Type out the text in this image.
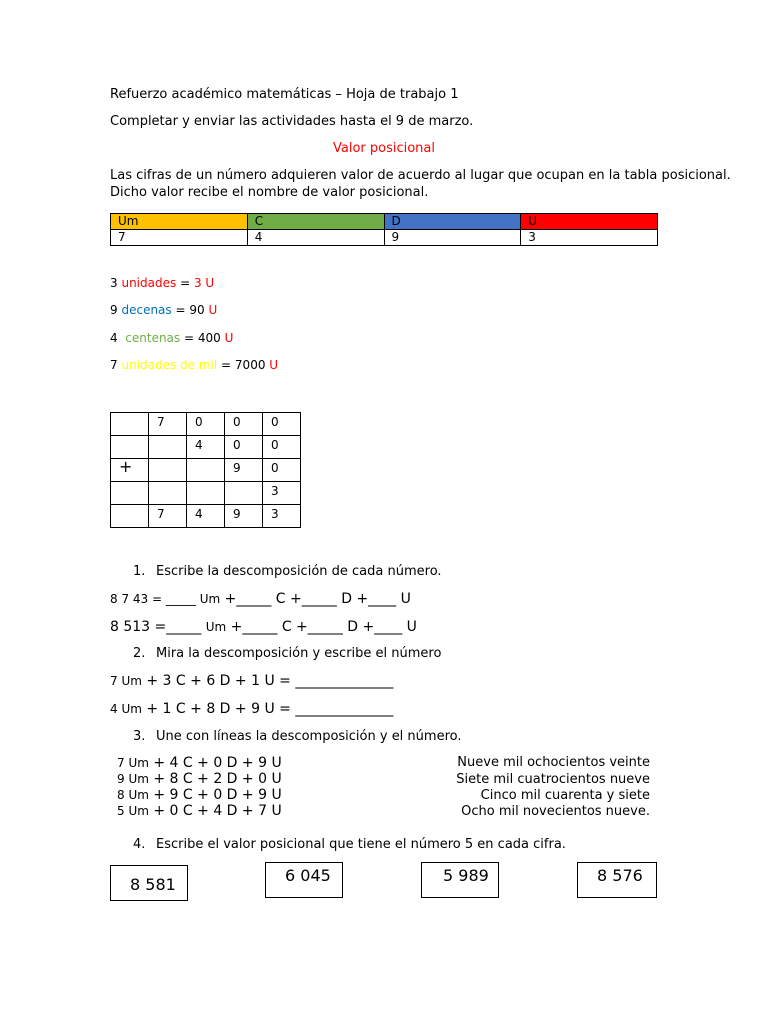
Refuerzo académico matemáticas – Hoja de trabajo 1
Completar y enviar las actividades hasta el 9 de marzo.
Valor posicional
Las cifras de un número adquieren valor de acuerdo al lugar que ocupan en la tabla posicional.
Dicho valor recibe el nombre de valor posicional.
Um	C	D	U
7	4	9	3
3 unidades = 3 U
9 decenas = 90 U
4 centenas = 400 U
7 unidades de mil = 7000 U
	7	0	0	0
		4	0	0
+			9	0
				3
	7	4	9	3
1. Escribe la descomposición de cada número.
8 7 43 = _____ Um +_____ C +_____ D +____ U
8 513 =_____ Um +_____ C +_____ D +____ U
2. Mira la descomposición y escribe el número
7 Um + 3 C + 6 D + 1 U = ______________
4 Um + 1 C + 8 D + 9 U = ______________
3. Une con líneas la descomposición y el número.
7 Um + 4 C + 0 D + 9 U
9 Um + 8 C + 2 D + 0 U
8 Um + 9 C + 0 D + 9 U
5 Um + 0 C + 4 D + 7 U
Nueve mil ochocientos veinte
Siete mil cuatrocientos nueve
Cinco mil cuarenta y siete
Ocho mil novecientos nueve.
4. Escribe el valor posicional que tiene el número 5 en cada cifra.
8 581	6 045	5 989	8 576
